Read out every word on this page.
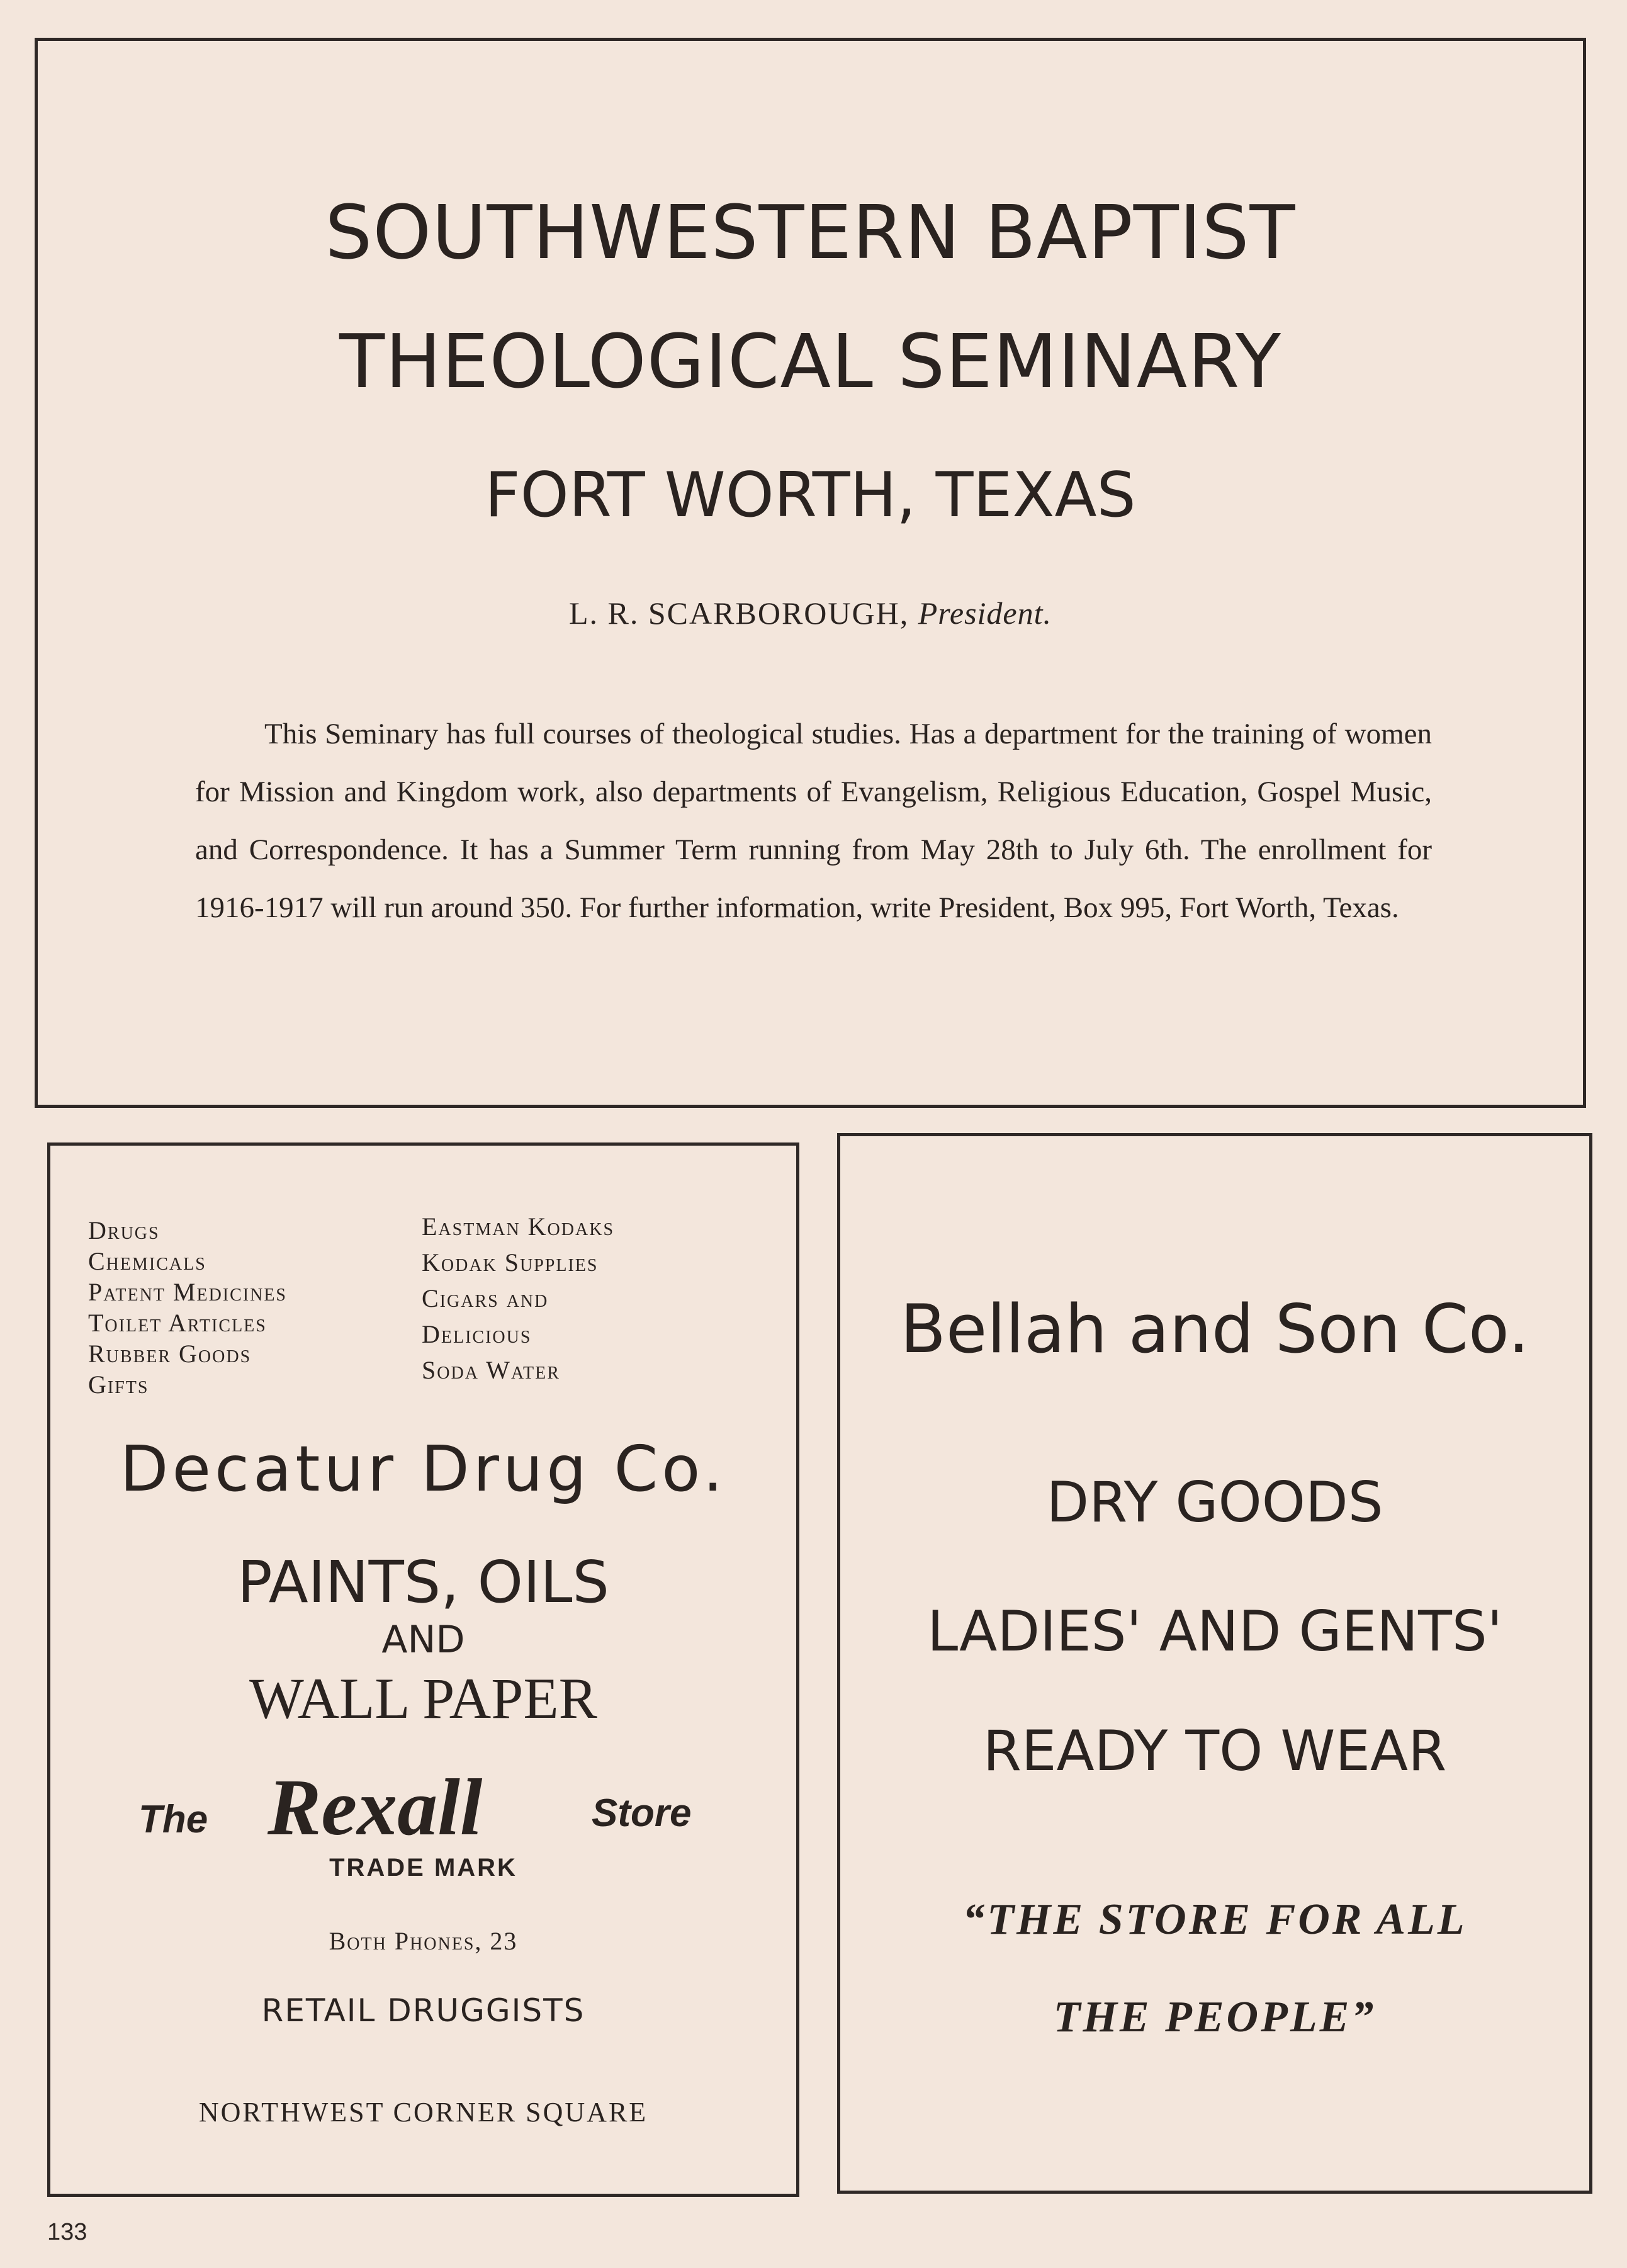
SOUTHWESTERN BAPTIST
THEOLOGICAL SEMINARY
FORT WORTH, TEXAS
L. R. SCARBOROUGH, President.

This Seminary has full courses of theological studies. Has a department for the training of women for Mission and Kingdom work, also departments of Evangelism, Religious Education, Gospel Music, and Correspondence. It has a Summer Term running from May 28th to July 6th. The enrollment for 1916-1917 will run around 350. For further information, write President, Box 995, Fort Worth, Texas.

Drugs
Chemicals
Patent Medicines
Toilet Articles
Rubber Goods
Gifts
Eastman Kodaks
Kodak Supplies
Cigars and
Delicious
Soda Water
Decatur Drug Co.
PAINTS, OILS
AND
WALL PAPER
The Rexall	Store
TRADE MARK
Both Phones, 23
RETAIL DRUGGISTS
NORTHWEST CORNER SQUARE
Bellah and Son Co.
DRY GOODS
LADIES' AND GENTS'
READY TO WEAR
“THE STORE FOR ALL
THE PEOPLE”
133
